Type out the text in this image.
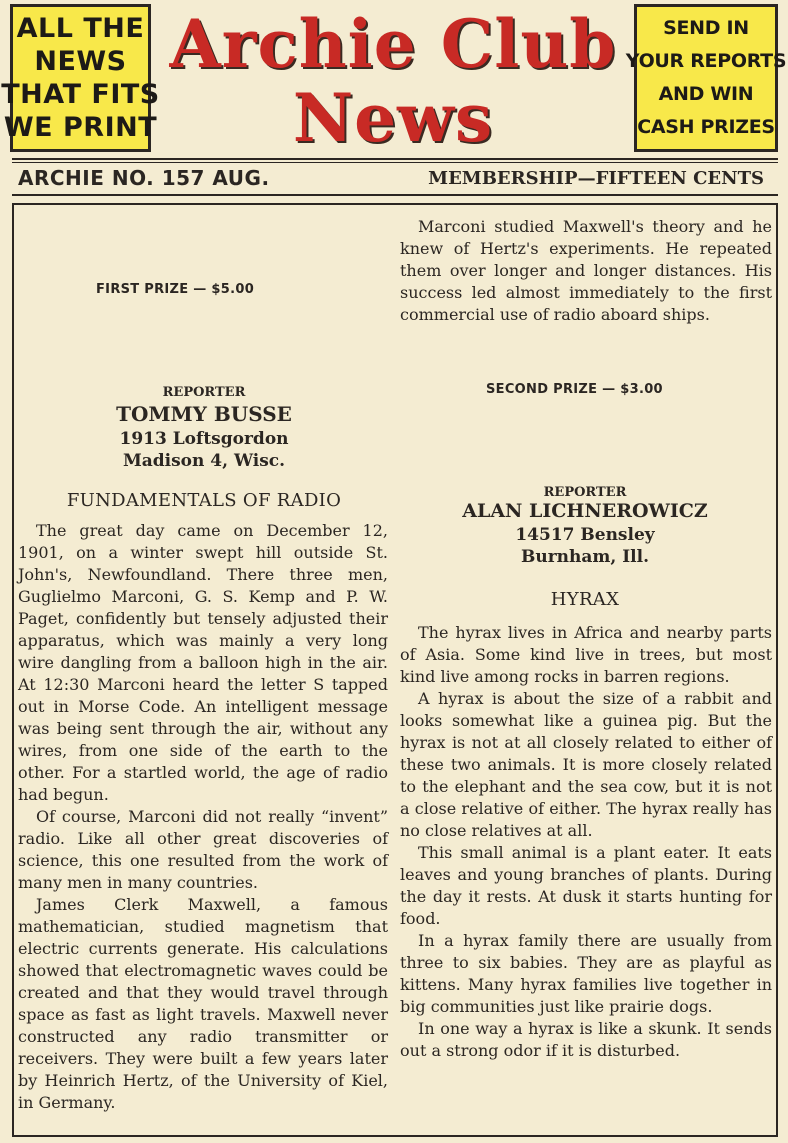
ALL THE
NEWS
THAT FITS
WE PRINT
Archie Club
News
SEND IN
YOUR REPORTS
AND WIN
CASH PRIZES
ARCHIE NO. 157 AUG.	MEMBERSHIP—FIFTEEN CENTS
FIRST PRIZE — $5.00
REPORTER
TOMMY BUSSE
1913 Loftsgordon
Madison 4, Wisc.
FUNDAMENTALS OF RADIO

The great day came on December 12, 1901, on a winter swept hill outside St. John's, Newfoundland. There three men, Guglielmo Marconi, G. S. Kemp and P. W. Paget, confidently but tensely adjusted their apparatus, which was mainly a very long wire dangling from a balloon high in the air. At 12:30 Marconi heard the letter S tapped out in Morse Code. An intelligent message was being sent through the air, without any wires, from one side of the earth to the other. For a startled world, the age of radio had begun.

Of course, Marconi did not really “invent” radio. Like all other great discoveries of science, this one resulted from the work of many men in many countries.

James Clerk Maxwell, a famous mathematician, studied magnetism that electric currents generate. His calculations showed that electromagnetic waves could be created and that they would travel through space as fast as light travels. Maxwell never constructed any radio transmitter or receivers. They were built a few years later by Heinrich Hertz, of the University of Kiel, in Germany.

Marconi studied Maxwell's theory and he knew of Hertz's experiments. He repeated them over longer and longer distances. His success led almost immediately to the first commercial use of radio aboard ships.

SECOND PRIZE — $3.00
REPORTER
ALAN LICHNEROWICZ
14517 Bensley
Burnham, Ill.
HYRAX

The hyrax lives in Africa and nearby parts of Asia. Some kind live in trees, but most kind live among rocks in barren regions.

A hyrax is about the size of a rabbit and looks somewhat like a guinea pig. But the hyrax is not at all closely related to either of these two animals. It is more closely related to the elephant and the sea cow, but it is not a close relative of either. The hyrax really has no close relatives at all.

This small animal is a plant eater. It eats leaves and young branches of plants. During the day it rests. At dusk it starts hunting for food.

In a hyrax family there are usually from three to six babies. They are as playful as kittens. Many hyrax families live together in big communities just like prairie dogs.

In one way a hyrax is like a skunk. It sends out a strong odor if it is disturbed.
